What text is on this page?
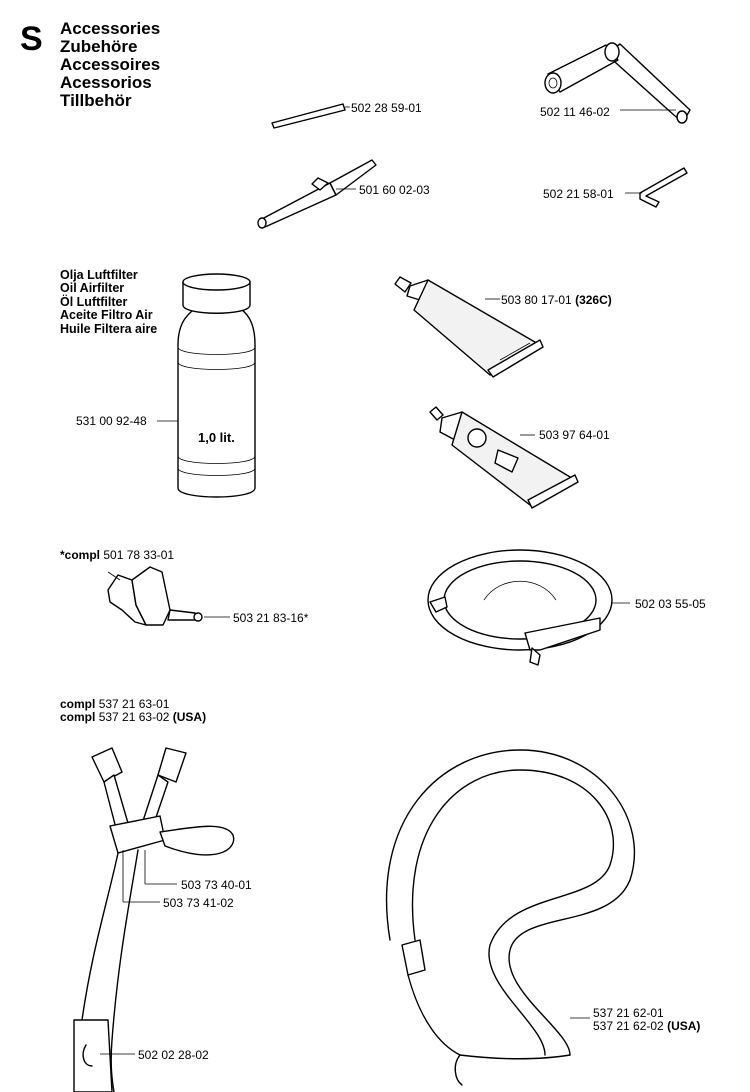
S Accessories
Zubehöre
Accessoires
Acessorios
Tillbehör	502 28 59-01	502 11 46-02
501 60 02-03	502 21 58-01
Olja Luftfilter
Oil Airfilter
Öl Luftfilter
Aceite Filtro Air
Huile Filtera aire
1,0 lit.
531 00 92-48
503 80 17-01 (326C)
503 97 64-01
*compl 501 78 33-01
503 21 83-16*
502 03 55-05
compl 537 21 63-01
compl 537 21 63-02 (USA)
503 73 40-01
503 73 41-02
502 02 28-02
537 21 62-01
537 21 62-02 (USA)
